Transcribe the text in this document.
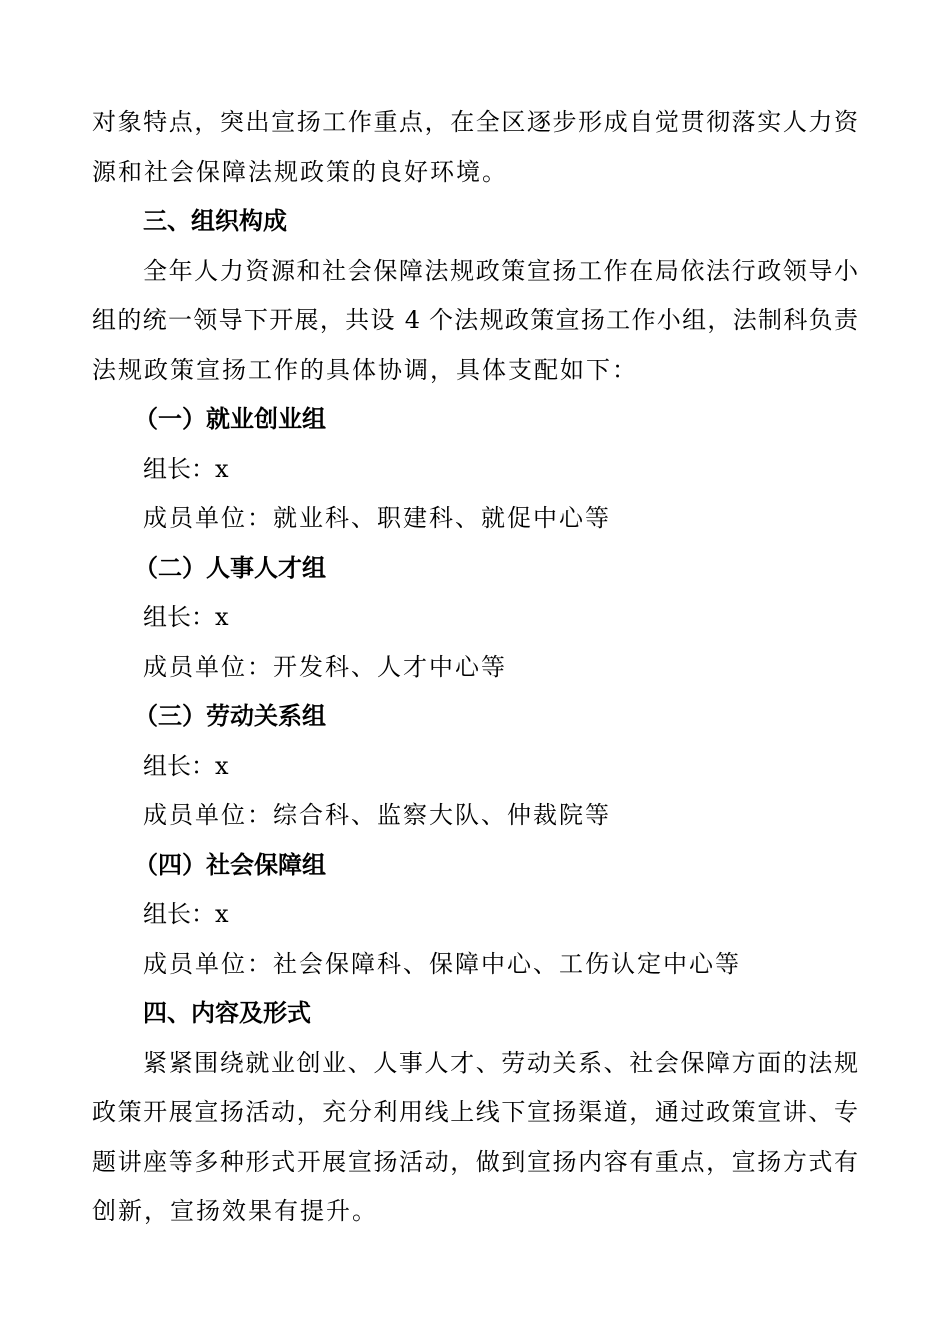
对象特点，突出宣扬工作重点，在全区逐步形成自觉贯彻落实人力资
源和社会保障法规政策的良好环境。
三、组织构成
全年人力资源和社会保障法规政策宣扬工作在局依法行政领导小
组的统一领导下开展，共设 4 个法规政策宣扬工作小组，法制科负责
法规政策宣扬工作的具体协调，具体支配如下：
（一）就业创业组
组长：x
成员单位：就业科、职建科、就促中心等
（二）人事人才组
组长：x
成员单位：开发科、人才中心等
（三）劳动关系组
组长：x
成员单位：综合科、监察大队、仲裁院等
（四）社会保障组
组长：x
成员单位：社会保障科、保障中心、工伤认定中心等
四、内容及形式
紧紧围绕就业创业、人事人才、劳动关系、社会保障方面的法规
政策开展宣扬活动，充分利用线上线下宣扬渠道，通过政策宣讲、专
题讲座等多种形式开展宣扬活动，做到宣扬内容有重点，宣扬方式有
创新，宣扬效果有提升。
